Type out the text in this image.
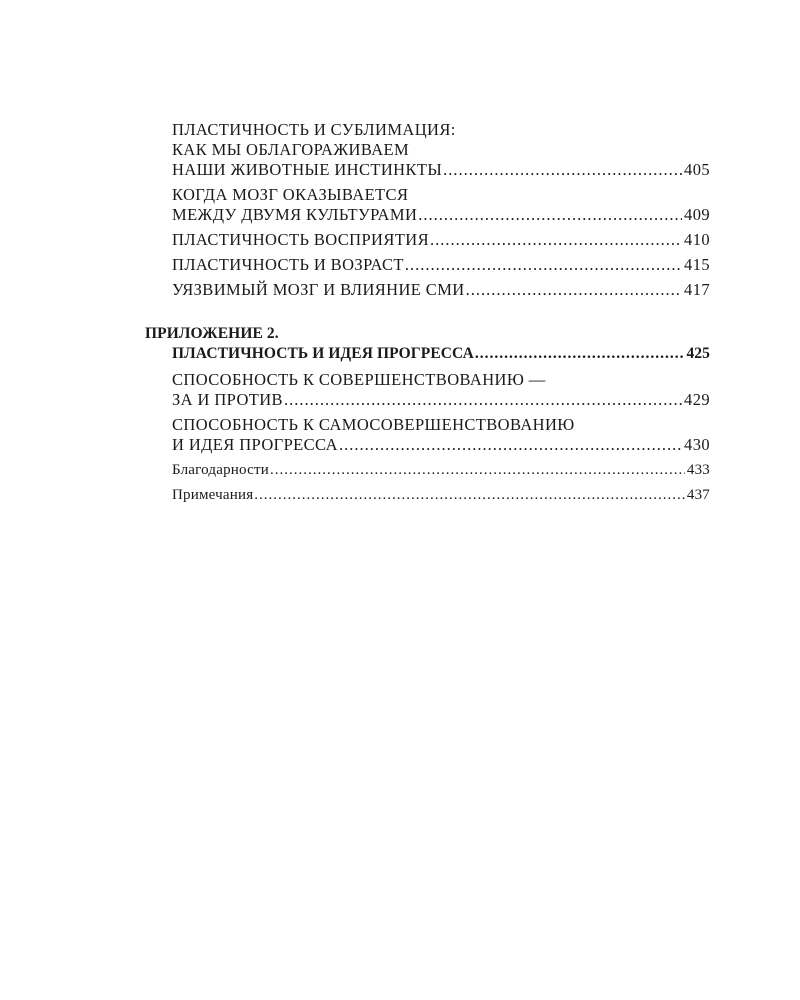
ПЛАСТИЧНОСТЬ И СУБЛИМАЦИЯ:
КАК МЫ ОБЛАГОРАЖИВАЕМ
НАШИ ЖИВОТНЫЕ ИНСТИНКТЫ .....	405
КОГДА МОЗГ ОКАЗЫВАЕТСЯ
МЕЖДУ ДВУМЯ КУЛЬТУРАМИ .....	409
ПЛАСТИЧНОСТЬ ВОСПРИЯТИЯ .....	410
ПЛАСТИЧНОСТЬ И ВОЗРАСТ .....	415
УЯЗВИМЫЙ МОЗГ И ВЛИЯНИЕ СМИ .....	417
ПРИЛОЖЕНИЕ 2.
ПЛАСТИЧНОСТЬ И ИДЕЯ ПРОГРЕССА .....	425
СПОСОБНОСТЬ К СОВЕРШЕНСТВОВАНИЮ —
ЗА И ПРОТИВ .....	429
СПОСОБНОСТЬ К САМОСОВЕРШЕНСТВОВАНИЮ
И ИДЕЯ ПРОГРЕССА .....	430
Благодарности .....	433
Примечания .....	437
